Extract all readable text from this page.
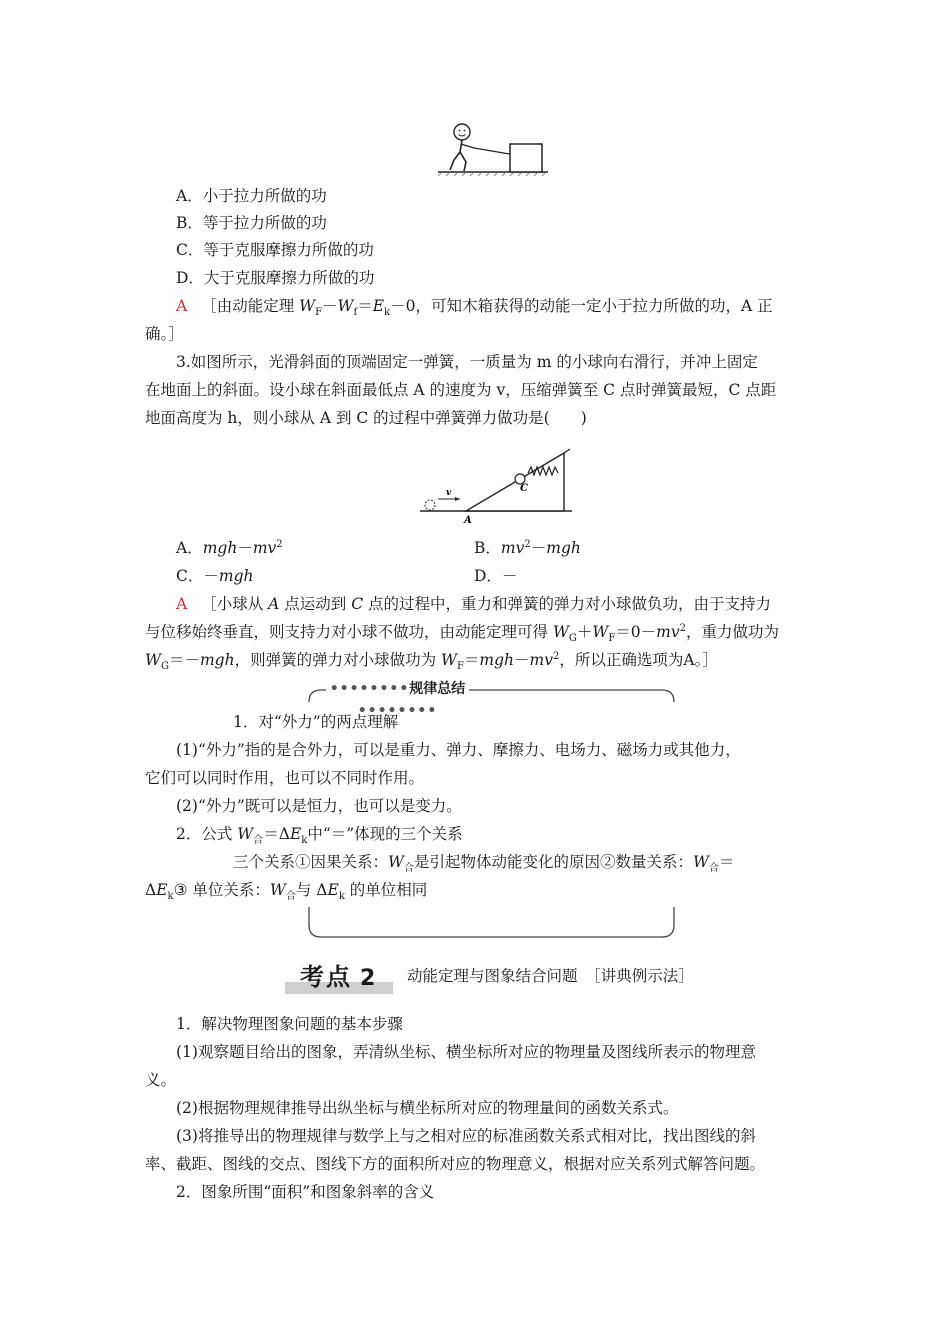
A．小于拉力所做的功
B．等于拉力所做的功
C．等于克服摩擦力所做的功
D．大于克服摩擦力所做的功
A ［由动能定理 $W_F-W_f=E_k-0$，可知木箱获得的动能一定小于拉力所做的功，A 正
确。］
3.如图所示，光滑斜面的顶端固定一弹簧，一质量为 m 的小球向右滑行，并冲上固定
在地面上的斜面。设小球在斜面最低点 A 的速度为 v，压缩弹簧至 C 点时弹簧最短，C 点距
地面高度为 h，则小球从 A 到 C 的过程中弹簧弹力做功是(　　)
v
A
C
A．$mgh-mv^2$	B．$mv^2-mgh$
C．－mgh	D．－
A ［小球从 A 点运动到 C 点的过程中，重力和弹簧的弹力对小球做负功，由于支持力
与位移始终垂直，则支持力对小球不做功，由动能定理可得 $W_G+W_F=0-mv^2$，重力做功为
$W_G=-mgh$，则弹簧的弹力对小球做功为 $W_F=mgh-mv^2$，所以正确选项为A。］
••••••••规律总结••••••••
1．对“外力”的两点理解
(1)“外力”指的是合外力，可以是重力、弹力、摩擦力、电场力、磁场力或其他力，
它们可以同时作用，也可以不同时作用。
(2)“外力”既可以是恒力，也可以是变力。
2．公式 $W_合=\Delta E_k$中“＝”体现的三个关系
三个关系①因果关系：$W_合$是引起物体动能变化的原因②数量关系：$W_合=$
$\Delta E_k③$ 单位关系：$W_合$与 $\Delta E_k$ 的单位相同
考点 2 动能定理与图象结合问题　［讲典例示法］
1．解决物理图象问题的基本步骤
(1)观察题目给出的图象，弄清纵坐标、横坐标所对应的物理量及图线所表示的物理意
义。
(2)根据物理规律推导出纵坐标与横坐标所对应的物理量间的函数关系式。
(3)将推导出的物理规律与数学上与之相对应的标准函数关系式相对比，找出图线的斜
率、截距、图线的交点、图线下方的面积所对应的物理意义，根据对应关系列式解答问题。
2．图象所围“面积”和图象斜率的含义
